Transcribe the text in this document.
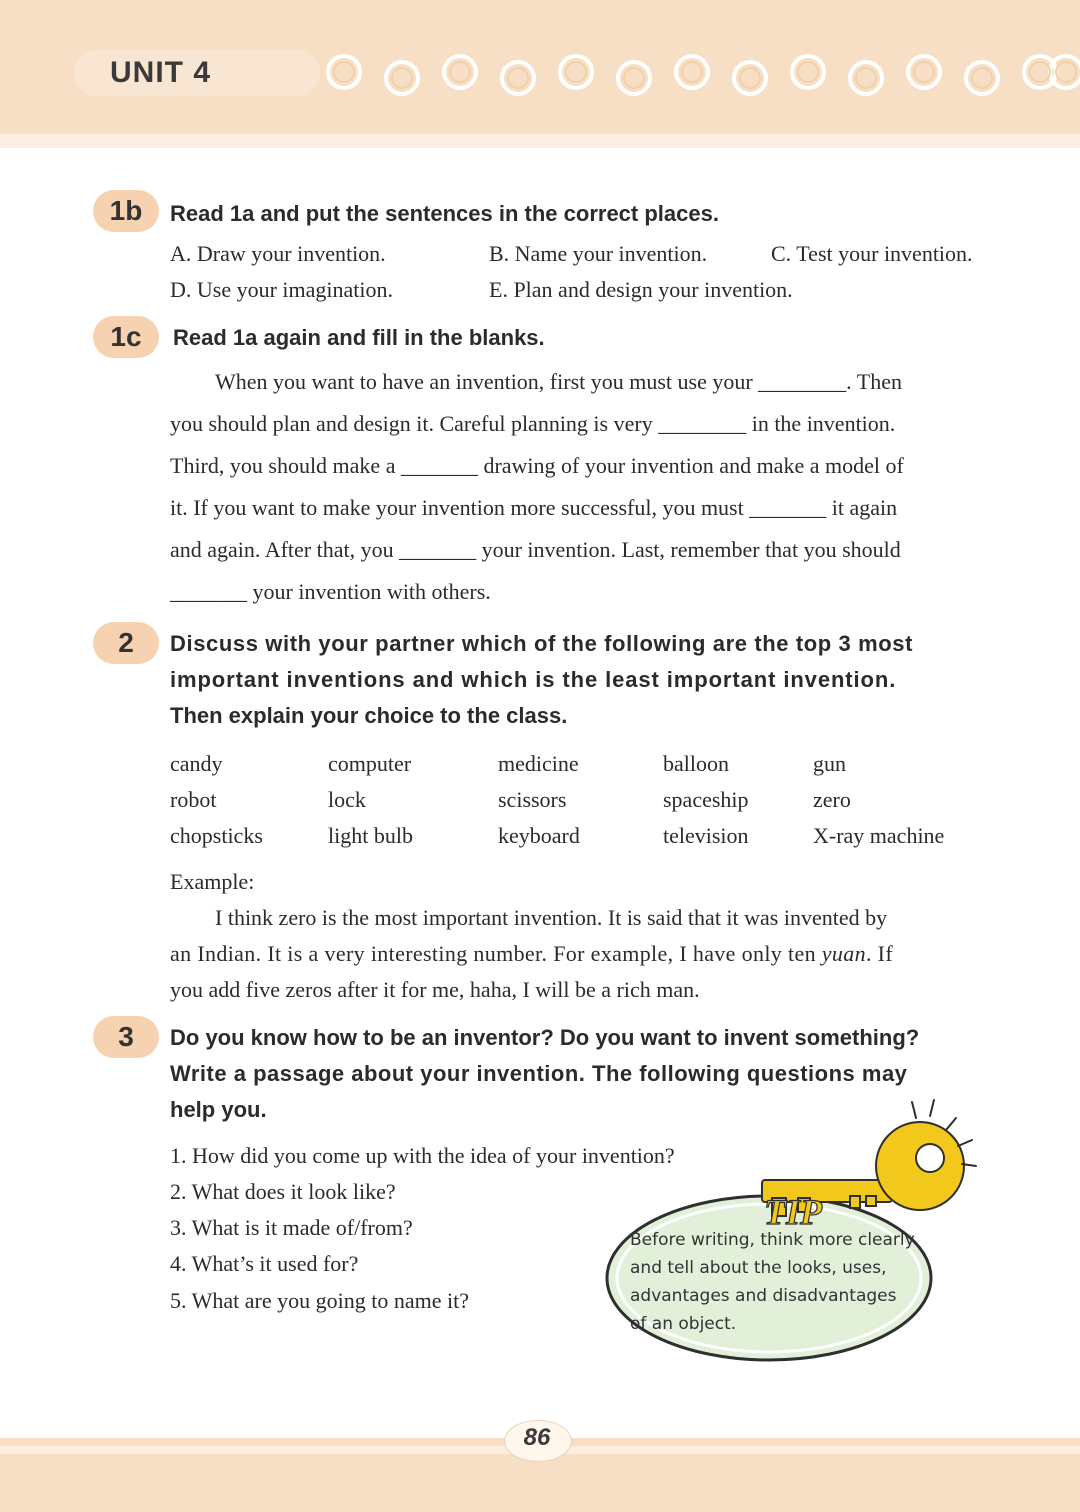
UNIT 4
1b	Read 1a and put the sentences in the correct places.
A. Draw your invention.	B. Name your invention.	C. Test your invention.
D. Use your imagination.	E. Plan and design your invention.
1c	Read 1a again and fill in the blanks.
When you want to have an invention, first you must use your ________. Then
you should plan and design it. Careful planning is very ________ in the invention.
Third, you should make a _______ drawing of your invention and make a model of
it. If you want to make your invention more successful, you must _______ it again
and again. After that, you _______ your invention. Last, remember that you should
_______ your invention with others.
2	Discuss with your partner which of the following are the top 3 most
important inventions and which is the least important invention.
Then explain your choice to the class.
candy	computer	medicine	balloon	gun
robot	lock	scissors	spaceship	zero
chopsticks	light bulb	keyboard	television	X-ray machine
Example:
I think zero is the most important invention. It is said that it was invented by
an Indian. It is a very interesting number. For example, I have only ten yuan. If
you add five zeros after it for me, haha, I will be a rich man.
3	Do you know how to be an inventor? Do you want to invent something?
Write a passage about your invention. The following questions may
help you.
1. How did you come up with the idea of your invention?
2. What does it look like?
3. What is it made of/from?
4. What’s it used for?
5. What are you going to name it?
TIP
Before writing, think more clearly
and tell about the looks, uses,
advantages and disadvantages
of an object.
86
